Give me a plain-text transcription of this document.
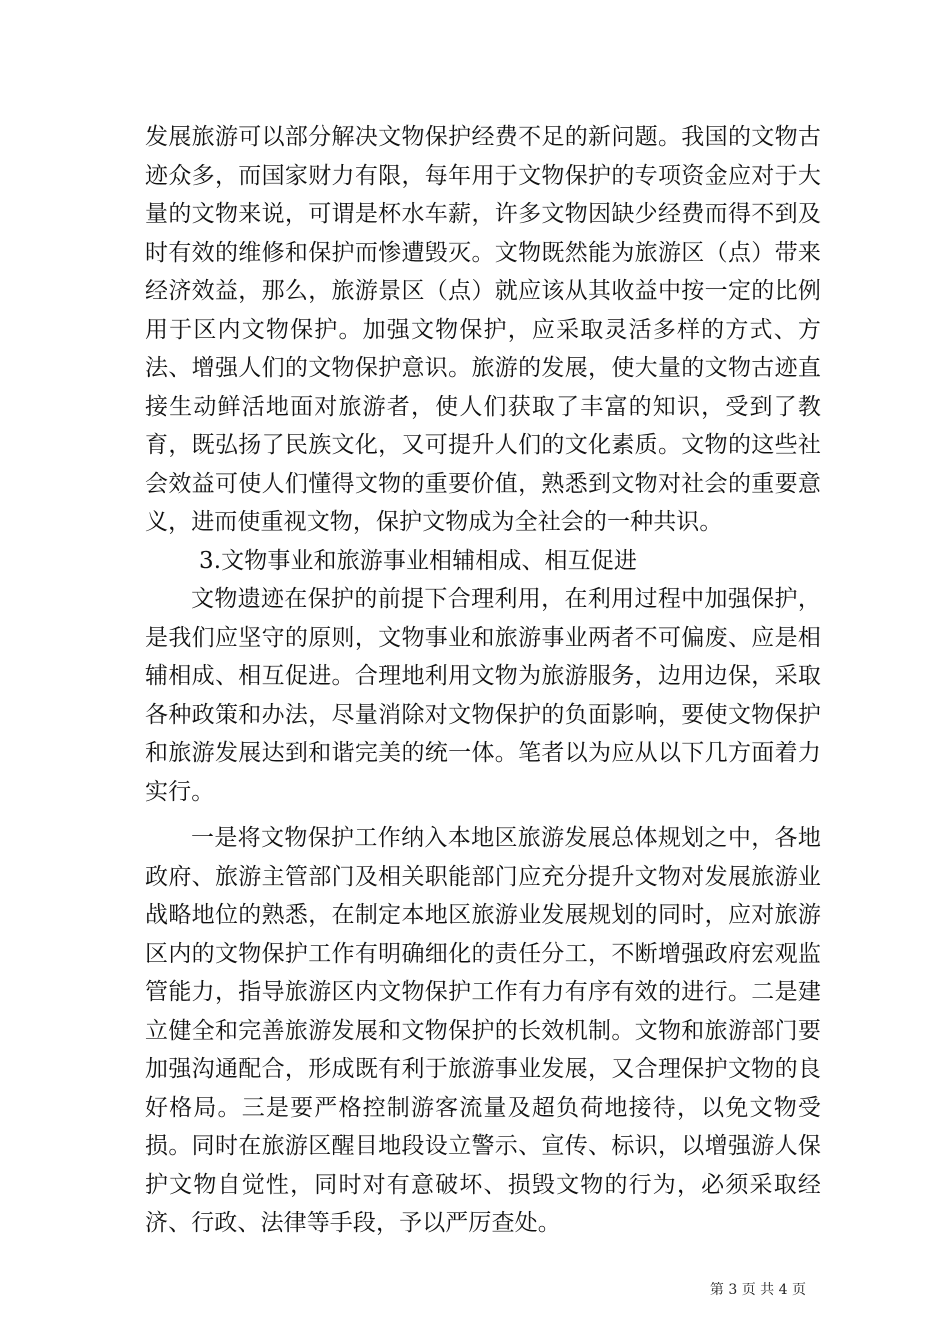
发展旅游可以部分解决文物保护经费不足的新问题。我国的文物古迹众多，而国家财力有限，每年用于文物保护的专项资金应对于大量的文物来说，可谓是杯水车薪，许多文物因缺少经费而得不到及时有效的维修和保护而惨遭毁灭。文物既然能为旅游区（点）带来经济效益，那么，旅游景区（点）就应该从其收益中按一定的比例用于区内文物保护。加强文物保护，应采取灵活多样的方式、方法、增强人们的文物保护意识。旅游的发展，使大量的文物古迹直接生动鲜活地面对旅游者，使人们获取了丰富的知识，受到了教育，既弘扬了民族文化，又可提升人们的文化素质。文物的这些社会效益可使人们懂得文物的重要价值，熟悉到文物对社会的重要意义，进而使重视文物，保护文物成为全社会的一种共识。

3.文物事业和旅游事业相辅相成、相互促进

文物遗迹在保护的前提下合理利用，在利用过程中加强保护，是我们应坚守的原则，文物事业和旅游事业两者不可偏废、应是相辅相成、相互促进。合理地利用文物为旅游服务，边用边保，采取各种政策和办法，尽量消除对文物保护的负面影响，要使文物保护和旅游发展达到和谐完美的统一体。笔者以为应从以下几方面着力实行。

一是将文物保护工作纳入本地区旅游发展总体规划之中，各地政府、旅游主管部门及相关职能部门应充分提升文物对发展旅游业战略地位的熟悉，在制定本地区旅游业发展规划的同时，应对旅游区内的文物保护工作有明确细化的责任分工，不断增强政府宏观监管能力，指导旅游区内文物保护工作有力有序有效的进行。二是建立健全和完善旅游发展和文物保护的长效机制。文物和旅游部门要加强沟通配合，形成既有利于旅游事业发展，又合理保护文物的良好格局。三是要严格控制游客流量及超负荷地接待，以免文物受损。同时在旅游区醒目地段设立警示、宣传、标识，以增强游人保护文物自觉性，同时对有意破坏、损毁文物的行为，必须采取经济、行政、法律等手段，予以严厉查处。

第 3 页 共 4 页
